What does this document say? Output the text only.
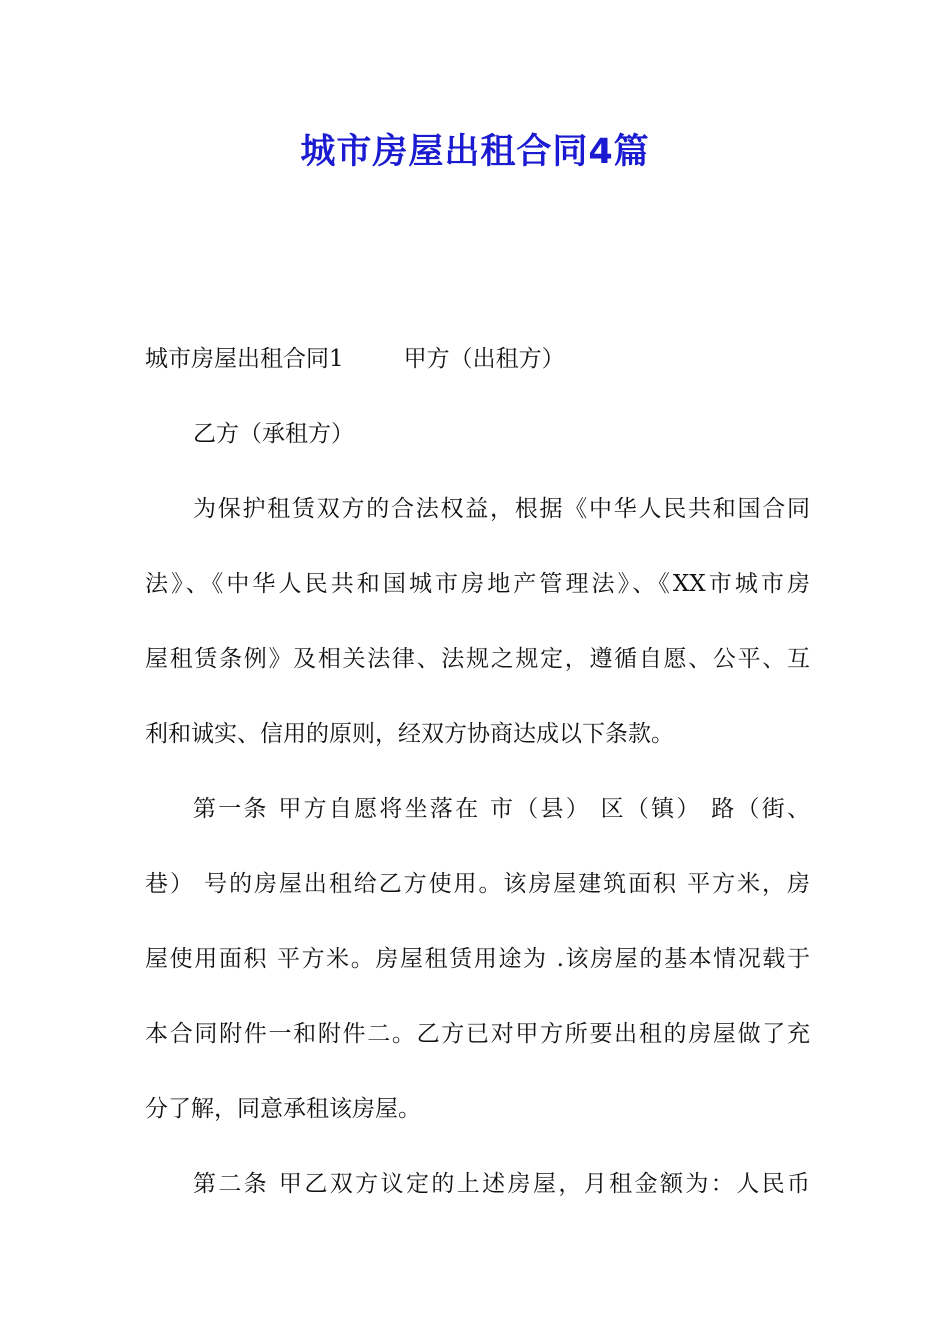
城市房屋出租合同4篇
城市房屋出租合同1	甲方（出租方）
乙方（承租方）
为保护租赁双方的合法权益，根据《中华人民共和国合同
法》、《中华人民共和国城市房地产管理法》、《XX市城市房
屋租赁条例》及相关法律、法规之规定，遵循自愿、公平、互
利和诚实、信用的原则，经双方协商达成以下条款。
第一条 甲方自愿将坐落在 市（县） 区（镇） 路（街、
巷） 号的房屋出租给乙方使用。该房屋建筑面积 平方米，房
屋使用面积 平方米。房屋租赁用途为 .该房屋的基本情况载于
本合同附件一和附件二。乙方已对甲方所要出租的房屋做了充
分了解，同意承租该房屋。
第二条 甲乙双方议定的上述房屋，月租金额为：人民币
